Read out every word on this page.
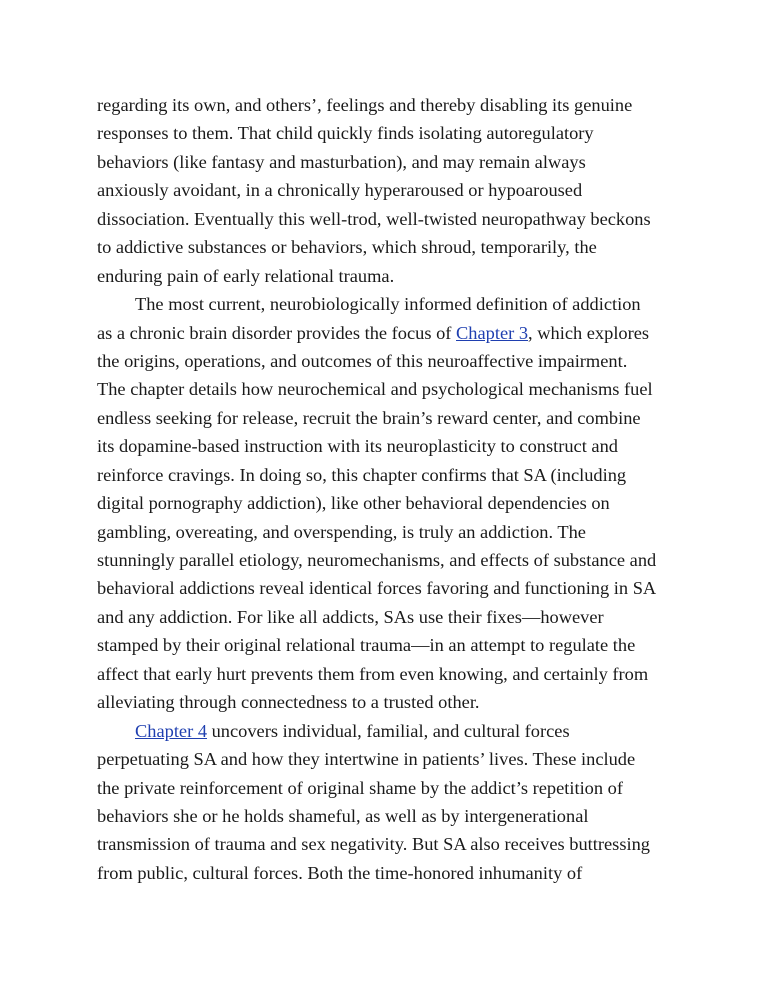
regarding its own, and others’, feelings and thereby disabling its genuine
responses to them. That child quickly finds isolating autoregulatory
behaviors (like fantasy and masturbation), and may remain always
anxiously avoidant, in a chronically hyperaroused or hypoaroused
dissociation. Eventually this well-trod, well-twisted neuropathway beckons
to addictive substances or behaviors, which shroud, temporarily, the
enduring pain of early relational trauma.
The most current, neurobiologically informed definition of addiction
as a chronic brain disorder provides the focus of Chapter 3, which explores
the origins, operations, and outcomes of this neuroaffective impairment.
The chapter details how neurochemical and psychological mechanisms fuel
endless seeking for release, recruit the brain’s reward center, and combine
its dopamine-based instruction with its neuroplasticity to construct and
reinforce cravings. In doing so, this chapter confirms that SA (including
digital pornography addiction), like other behavioral dependencies on
gambling, overeating, and overspending, is truly an addiction. The
stunningly parallel etiology, neuromechanisms, and effects of substance and
behavioral addictions reveal identical forces favoring and functioning in SA
and any addiction. For like all addicts, SAs use their fixes—however
stamped by their original relational trauma—in an attempt to regulate the
affect that early hurt prevents them from even knowing, and certainly from
alleviating through connectedness to a trusted other.
Chapter 4 uncovers individual, familial, and cultural forces
perpetuating SA and how they intertwine in patients’ lives. These include
the private reinforcement of original shame by the addict’s repetition of
behaviors she or he holds shameful, as well as by intergenerational
transmission of trauma and sex negativity. But SA also receives buttressing
from public, cultural forces. Both the time-honored inhumanity of
